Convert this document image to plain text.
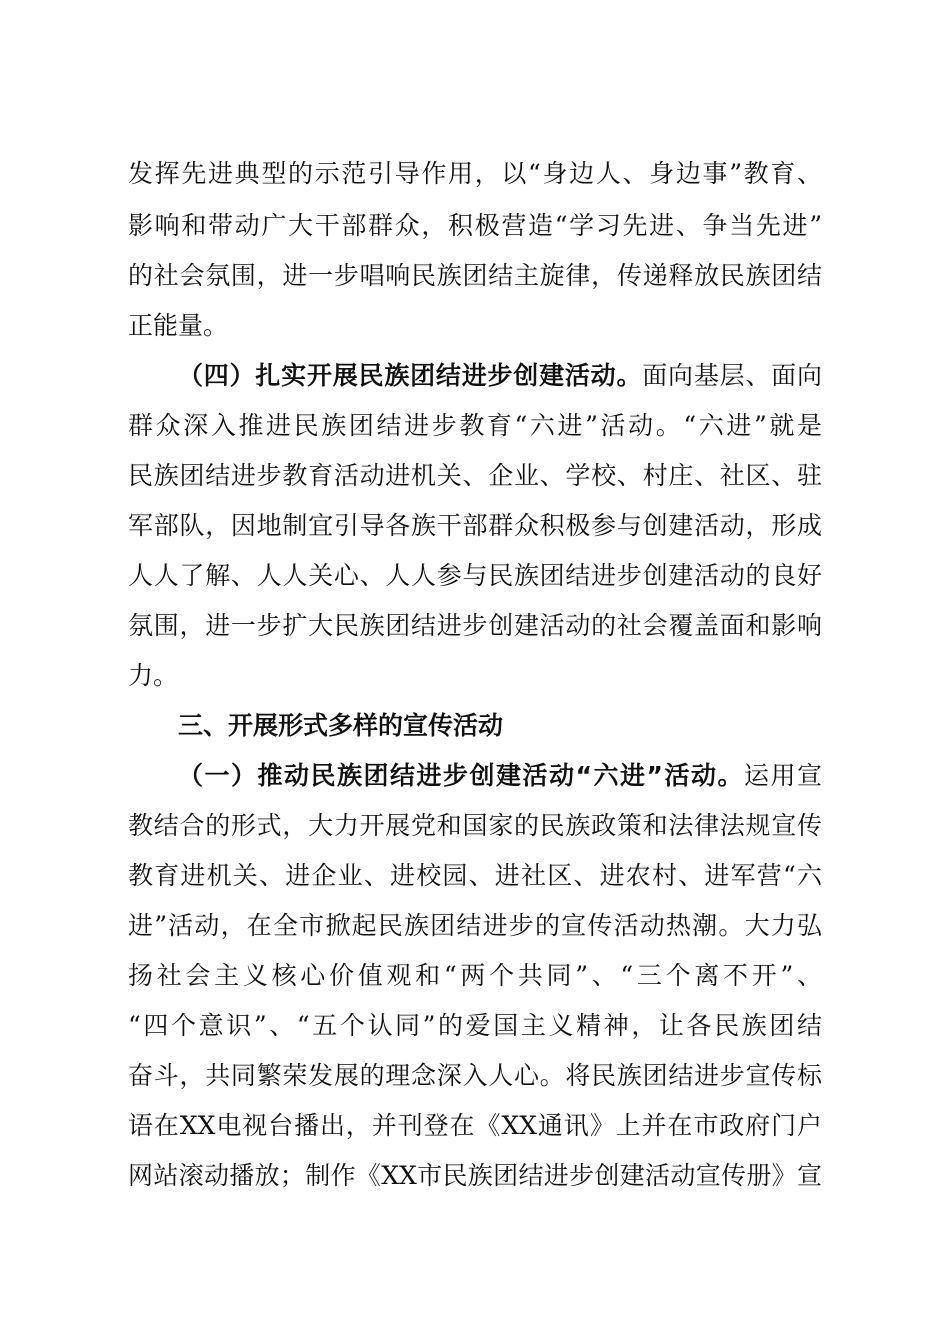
发挥先进典型的示范引导作用，以“身边人、身边事”教育、
影响和带动广大干部群众，积极营造“学习先进、争当先进”
的社会氛围，进一步唱响民族团结主旋律，传递释放民族团结
正能量。
（四）扎实开展民族团结进步创建活动。面向基层、面向
群众深入推进民族团结进步教育“六进”活动。“六进”就是
民族团结进步教育活动进机关、企业、学校、村庄、社区、驻
军部队，因地制宜引导各族干部群众积极参与创建活动，形成
人人了解、人人关心、人人参与民族团结进步创建活动的良好
氛围，进一步扩大民族团结进步创建活动的社会覆盖面和影响
力。
三、开展形式多样的宣传活动
（一）推动民族团结进步创建活动“六进”活动。运用宣
教结合的形式，大力开展党和国家的民族政策和法律法规宣传
教育进机关、进企业、进校园、进社区、进农村、进军营“六
进”活动，在全市掀起民族团结进步的宣传活动热潮。大力弘
扬社会主义核心价值观和“两个共同”、“三个离不开”、
“四个意识”、“五个认同”的爱国主义精神，让各民族团结
奋斗，共同繁荣发展的理念深入人心。将民族团结进步宣传标
语在XX电视台播出，并刊登在《XX通讯》上并在市政府门户
网站滚动播放；制作《XX市民族团结进步创建活动宣传册》宣
